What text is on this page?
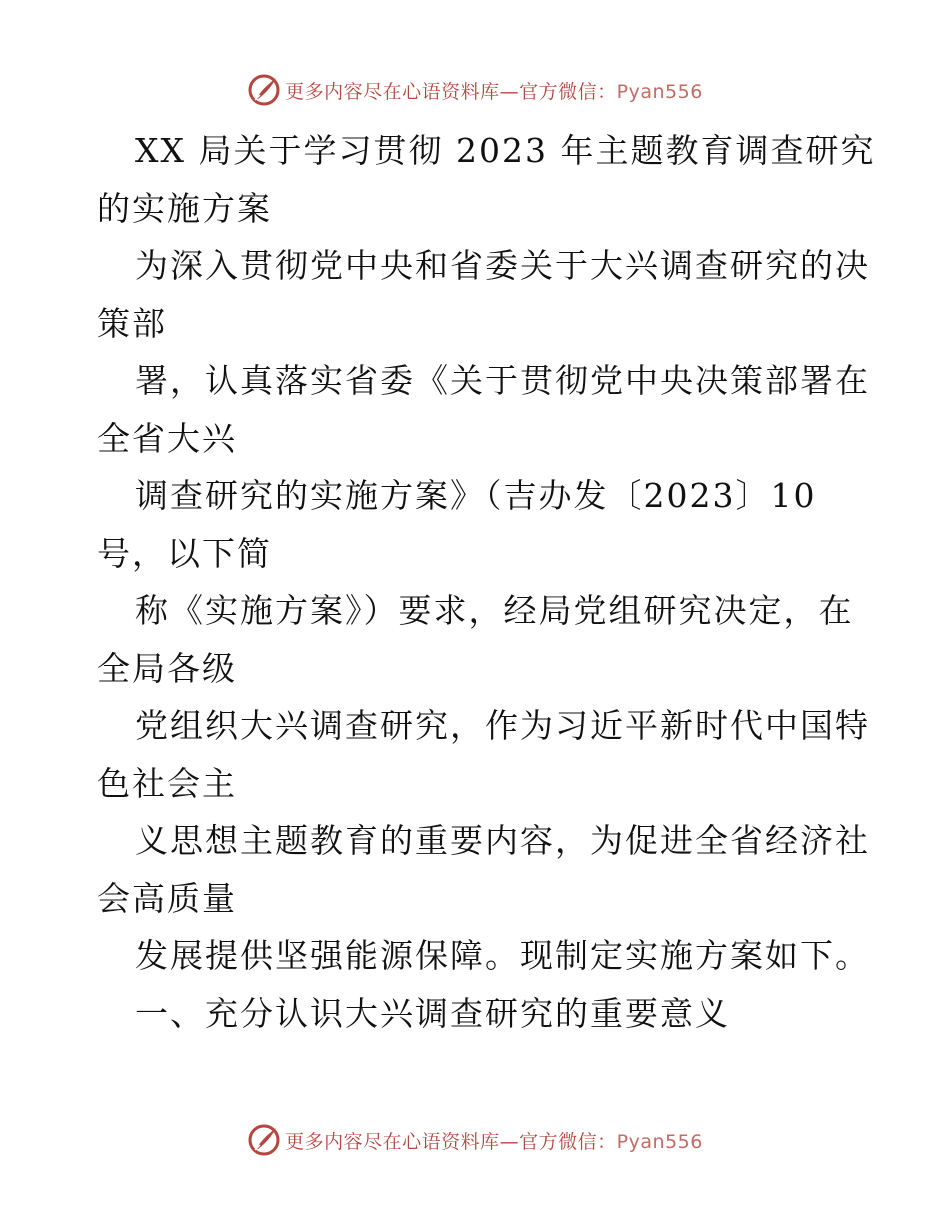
更多内容尽在心语资料库—官方微信：Pyan556

XX 局关于学习贯彻 2023 年主题教育调查研究

的实施方案

为深入贯彻党中央和省委关于大兴调查研究的决

策部

署，认真落实省委《关于贯彻党中央决策部署在

全省大兴

调查研究的实施方案》（吉办发〔2023〕10

号，以下简

称《实施方案》）要求，经局党组研究决定，在

全局各级

党组织大兴调查研究，作为习近平新时代中国特

色社会主

义思想主题教育的重要内容，为促进全省经济社

会高质量

发展提供坚强能源保障。现制定实施方案如下。

一、充分认识大兴调查研究的重要意义

更多内容尽在心语资料库—官方微信：Pyan556
